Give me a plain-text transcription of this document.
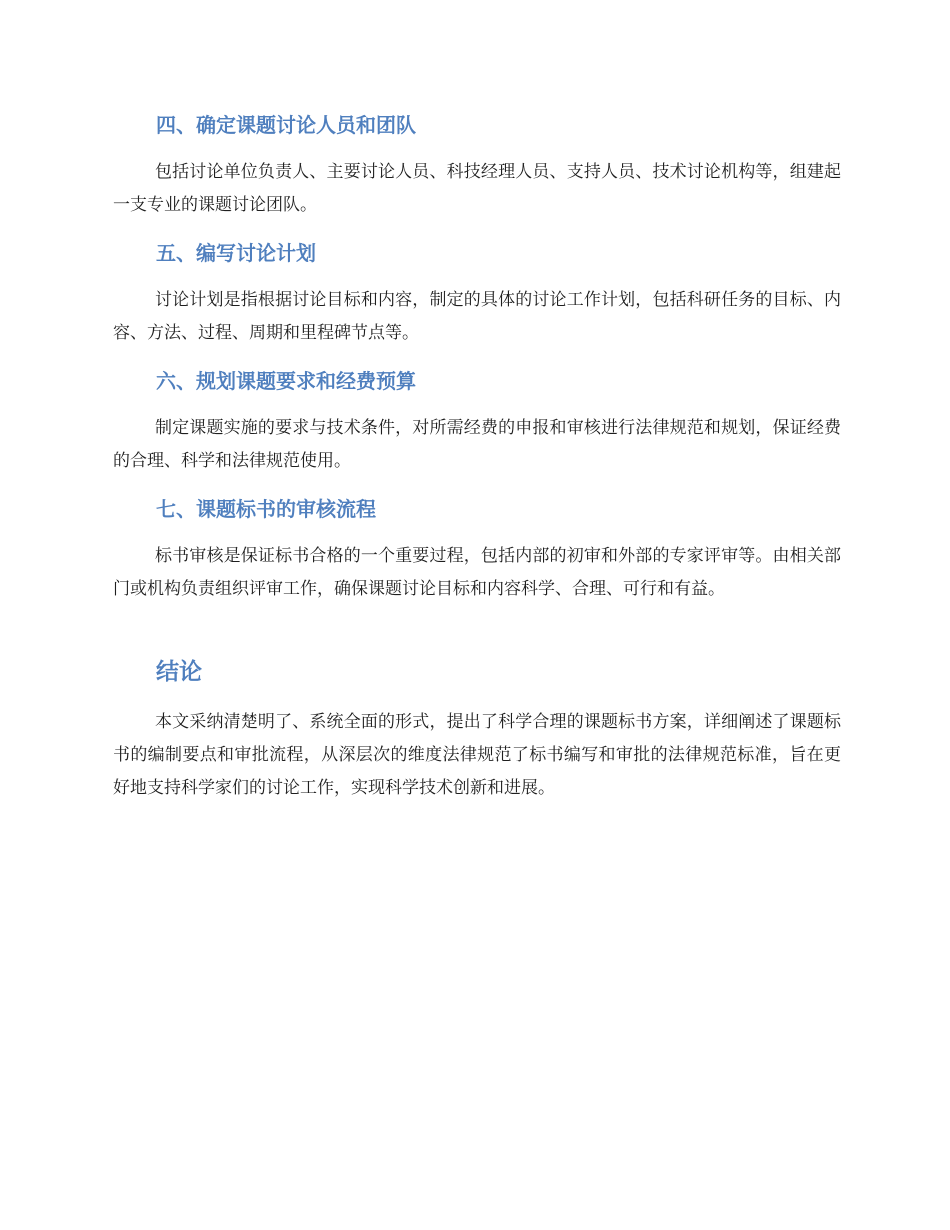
四、确定课题讨论人员和团队

包括讨论单位负责人、主要讨论人员、科技经理人员、支持人员、技术讨论机构等，组建起一支专业的课题讨论团队。

五、编写讨论计划

讨论计划是指根据讨论目标和内容，制定的具体的讨论工作计划，包括科研任务的目标、内容、方法、过程、周期和里程碑节点等。

六、规划课题要求和经费预算

制定课题实施的要求与技术条件，对所需经费的申报和审核进行法律规范和规划，保证经费的合理、科学和法律规范使用。

七、课题标书的审核流程

标书审核是保证标书合格的一个重要过程，包括内部的初审和外部的专家评审等。由相关部门或机构负责组织评审工作，确保课题讨论目标和内容科学、合理、可行和有益。

结论

本文采纳清楚明了、系统全面的形式，提出了科学合理的课题标书方案，详细阐述了课题标书的编制要点和审批流程，从深层次的维度法律规范了标书编写和审批的法律规范标准，旨在更好地支持科学家们的讨论工作，实现科学技术创新和进展。
